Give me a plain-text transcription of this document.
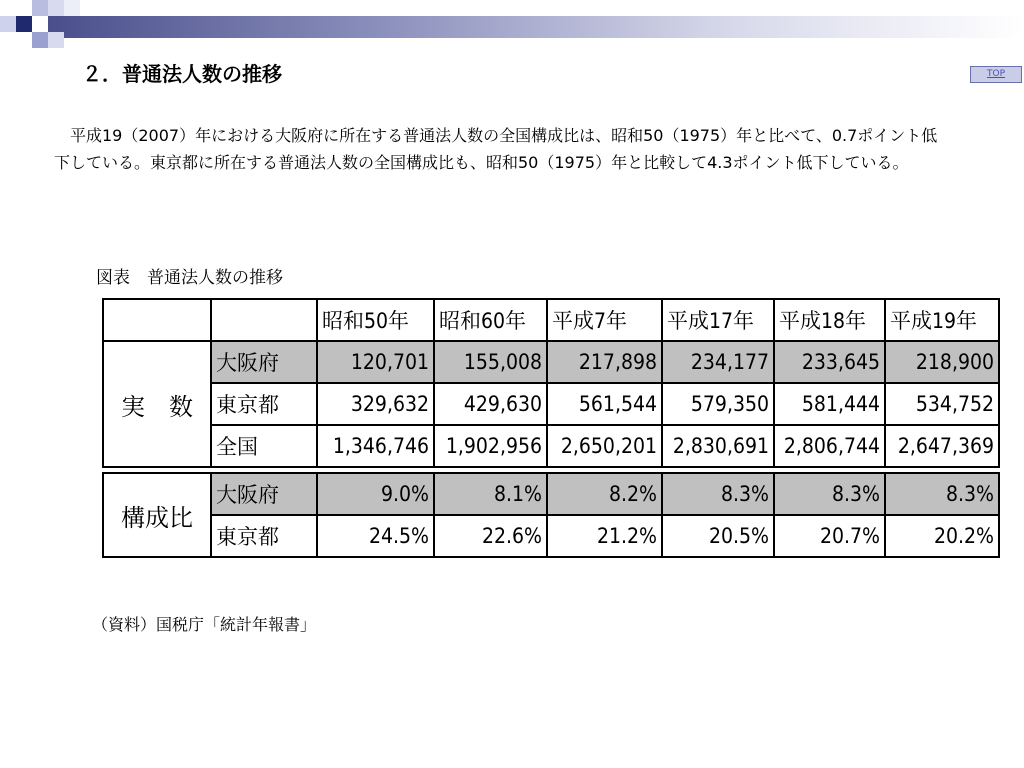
２．普通法人数の推移	TOP

平成19（2007）年における大阪府に所在する普通法人数の全国構成比は、昭和50（1975）年と比べて、0.7ポイント低下している。東京都に所在する普通法人数の全国構成比も、昭和50（1975）年と比較して4.3ポイント低下している。

図表　普通法人数の推移

		昭和50年	昭和60年	平成7年	平成17年	平成18年	平成19年
実　数	大阪府	120,701	155,008	217,898	234,177	233,645	218,900
	東京都	329,632	429,630	561,544	579,350	581,444	534,752
	全国	1,346,746	1,902,956	2,650,201	2,830,691	2,806,744	2,647,369

構成比	大阪府	9.0%	8.1%	8.2%	8.3%	8.3%	8.3%
	東京都	24.5%	22.6%	21.2%	20.5%	20.7%	20.2%

（資料）国税庁「統計年報書」
